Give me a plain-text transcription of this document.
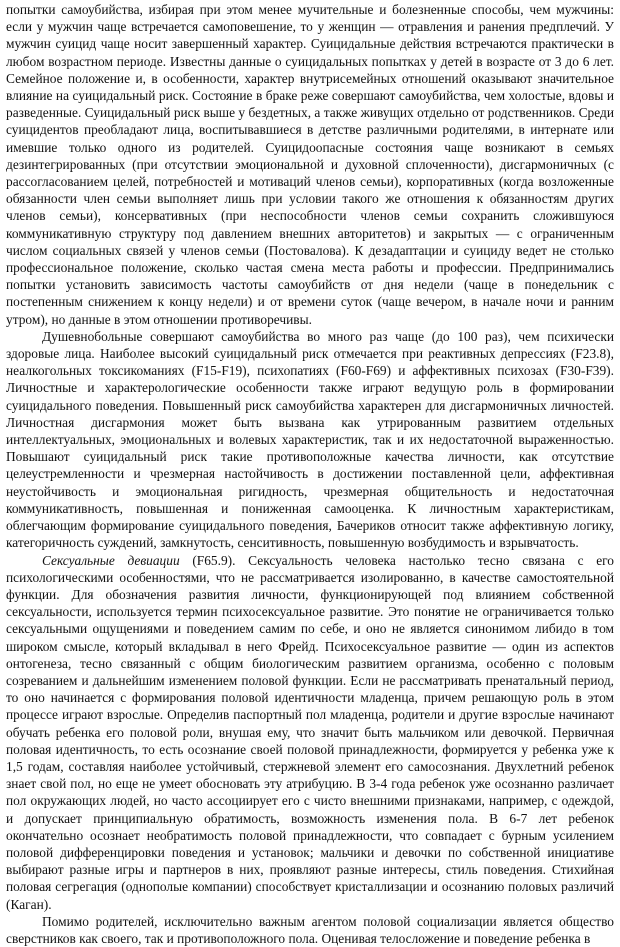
попытки самоубийства, избирая при этом менее мучительные и болезненные способы, чем мужчины: если у мужчин чаще встречается самоповешение, то у женщин — отравления и ранения предплечий. У мужчин суицид чаще носит завершенный характер. Суицидальные действия встречаются практически в любом возрастном периоде. Известны данные о суицидальных попытках у детей в возрасте от 3 до 6 лет. Семейное положение и, в особенности, характер внутрисемейных отношений оказывают значительное влияние на суицидальный риск. Состояние в браке реже совершают самоубийства, чем холостые, вдовы и разведенные. Суицидальный риск выше у бездетных, а также живущих отдельно от родственников. Среди суицидентов преобладают лица, воспитывавшиеся в детстве различными родителями, в интернате или имевшие только одного из родителей. Суицидоопасные состояния чаще возникают в семьях дезинтегрированных (при отсутствии эмоциональной и духовной сплоченности), дисгармоничных (с рассогласованием целей, потребностей и мотиваций членов семьи), корпоративных (когда возложенные обязанности член семьи выполняет лишь при условии такого же отношения к обязанностям других членов семьи), консервативных (при неспособности членов семьи сохранить сложившуюся коммуникативную структуру под давлением внешних авторитетов) и закрытых — с ограниченным числом социальных связей у членов семьи (Постовалова). К дезадаптации и суициду ведет не столько профессиональное положение, сколько частая смена места работы и профессии. Предпринимались попытки установить зависимость частоты самоубийств от дня недели (чаще в понедельник с постепенным снижением к концу недели) и от времени суток (чаще вечером, в начале ночи и ранним утром), но данные в этом отношении противоречивы.

Душевнобольные совершают самоубийства во много раз чаще (до 100 раз), чем психически здоровые лица. Наиболее высокий суицидальный риск отмечается при реактивных депрессиях (F23.8), неалкогольных токсикоманиях (F15-F19), психопатиях (F60-F69) и аффективных психозах (F30-F39). Личностные и характерологические особенности также играют ведущую роль в формировании суицидального поведения. Повышенный риск самоубийства характерен для дисгармоничных личностей. Личностная дисгармония может быть вызвана как утрированным развитием отдельных интеллектуальных, эмоциональных и волевых характеристик, так и их недостаточной выраженностью. Повышают суицидальный риск такие противоположные качества личности, как отсутствие целеустремленности и чрезмерная настойчивость в достижении поставленной цели, аффективная неустойчивость и эмоциональная ригидность, чрезмерная общительность и недостаточная коммуникативность, повышенная и пониженная самооценка. К личностным характеристикам, облегчающим формирование суицидального поведения, Бачериков относит также аффективную логику, категоричность суждений, замкнутость, сенситивность, повышенную возбудимость и взрывчатость.

Сексуальные девиации (F65.9). Сексуальность человека настолько тесно связана с его психологическими особенностями, что не рассматривается изолированно, в качестве самостоятельной функции. Для обозначения развития личности, функционирующей под влиянием собственной сексуальности, используется термин психосексуальное развитие. Это понятие не ограничивается только сексуальными ощущениями и поведением самим по себе, и оно не является синонимом либидо в том широком смысле, который вкладывал в него Фрейд. Психосексуальное развитие — один из аспектов онтогенеза, тесно связанный с общим биологическим развитием организма, особенно с половым созреванием и дальнейшим изменением половой функции. Если не рассматривать пренатальный период, то оно начинается с формирования половой идентичности младенца, причем решающую роль в этом процессе играют взрослые. Определив паспортный пол младенца, родители и другие взрослые начинают обучать ребенка его половой роли, внушая ему, что значит быть мальчиком или девочкой. Первичная половая идентичность, то есть осознание своей половой принадлежности, формируется у ребенка уже к 1,5 годам, составляя наиболее устойчивый, стержневой элемент его самосознания. Двухлетний ребенок знает свой пол, но еще не умеет обосновать эту атрибуцию. В 3-4 года ребенок уже осознанно различает пол окружающих людей, но часто ассоциирует его с чисто внешними признаками, например, с одеждой, и допускает принципиальную обратимость, возможность изменения пола. В 6-7 лет ребенок окончательно осознает необратимость половой принадлежности, что совпадает с бурным усилением половой дифференцировки поведения и установок; мальчики и девочки по собственной инициативе выбирают разные игры и партнеров в них, проявляют разные интересы, стиль поведения. Стихийная половая сегрегация (однополые компании) способствует кристаллизации и осознанию половых различий (Каган).

Помимо родителей, исключительно важным агентом половой социализации является общество сверстников как своего, так и противоположного пола. Оценивая телосложение и поведение ребенка в
